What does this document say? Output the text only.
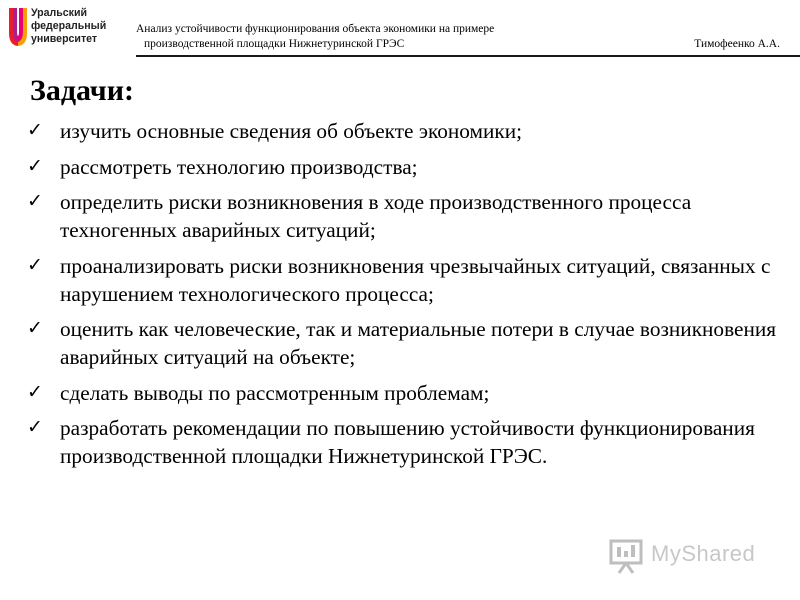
Уральский
федеральный
университет
Анализ устойчивости функционирования объекта экономики на примере
производственной площадки Нижнетуринской ГРЭС	Тимофеенко А.А.
Задачи:
✓ изучить основные сведения об объекте экономики;
✓ рассмотреть технологию производства;
✓ определить риски возникновения в ходе производственного процесса техногенных аварийных ситуаций;
✓ проанализировать риски возникновения чрезвычайных ситуаций, связанных с нарушением технологического процесса;
✓ оценить как человеческие, так и материальные потери в случае возникновения аварийных ситуаций на объекте;
✓ сделать выводы по рассмотренным проблемам;
✓ разработать рекомендации по повышению устойчивости функционирования производственной площадки Нижнетуринской ГРЭС.
MyShared
